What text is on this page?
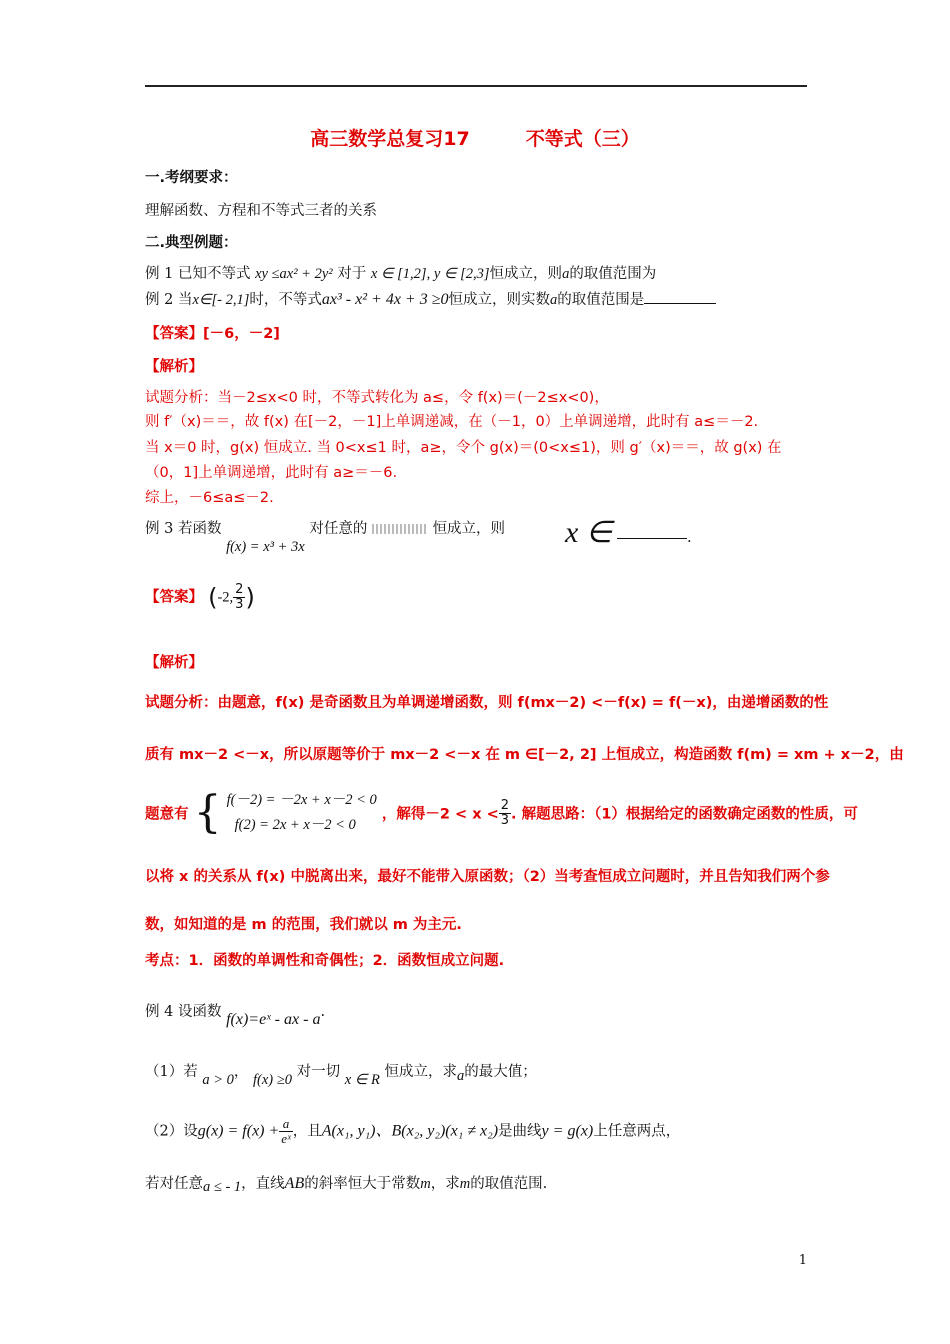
高三数学总复习17	不等式（三）
一.考纲要求：
理解函数、方程和不等式三者的关系
二.典型例题：
例 1 已知不等式 xy ≤ax² + 2y² 对于 x ∈ [1,2], y ∈ [2,3]恒成立，则a的取值范围为
例 2 当x∈[- 2,1]时，不等式ax³ - x² + 4x + 3 ≥0恒成立，则实数a的取值范围是
【答案】[－6，－2]
【解析】
试题分析：当－2≤x<0 时，不等式转化为 a≤，令 f(x)＝(－2≤x<0)，
则 f′（x)＝＝，故 f(x) 在[－2，－1]上单调递减，在（－1，0）上单调递增，此时有 a≤＝－2.
当 x＝0 时，g(x) 恒成立. 当 0<x≤1 时，a≥，令个 g(x)＝(0<x≤1)，则 g′（x)＝＝，故 g(x) 在
（0，1]上单调递增，此时有 a≥＝－6.
综上，－6≤a≤－2.
例 3 若函数 f(x) = x³ + 3x 对任意的	恒成立，则 x ∈	.
【答案】 (-2, $\frac{2}{3}$ )
【解析】
试题分析：由题意，f(x) 是奇函数且为单调递增函数，则 f(mx－2) <－f(x) = f(－x)，由递增函数的性
质有 mx－2 <－x，所以原题等价于 mx－2 <－x 在 m ∈[－2, 2] 上恒成立，构造函数 f(m) = xm + x－2，由
题意有 { f(－2) = －2x + x－2 < 0
f(2) = 2x + x－2 < 0
，解得$-2 < x < \frac{2}{3}$ . 解题思路：（1）根据给定的函数确定函数的性质，可
以将 x 的关系从 f(x) 中脱离出来，最好不能带入原函数；（2）当考查恒成立问题时，并且告知我们两个参
数，如知道的是 m 的范围，我们就以 m 为主元.
考点：1．函数的单调性和奇偶性；2．函数恒成立问题.
例 4 设函数 f(x)=eˣ - ax - a.
（1）若 a > 0， f(x) ≥0 对一切 x ∈ R 恒成立，求a的最大值；
（2）设$g(x) = f(x) + \frac{a}{\text{eˣ}}$ ，且A(x₁, y₁)、B(x₂, y₂)(x₁ ≠ x₂)是曲线y = g(x)上任意两点，
若对任意a ≤ - 1，直线AB的斜率恒大于常数m，求m的取值范围.
1
